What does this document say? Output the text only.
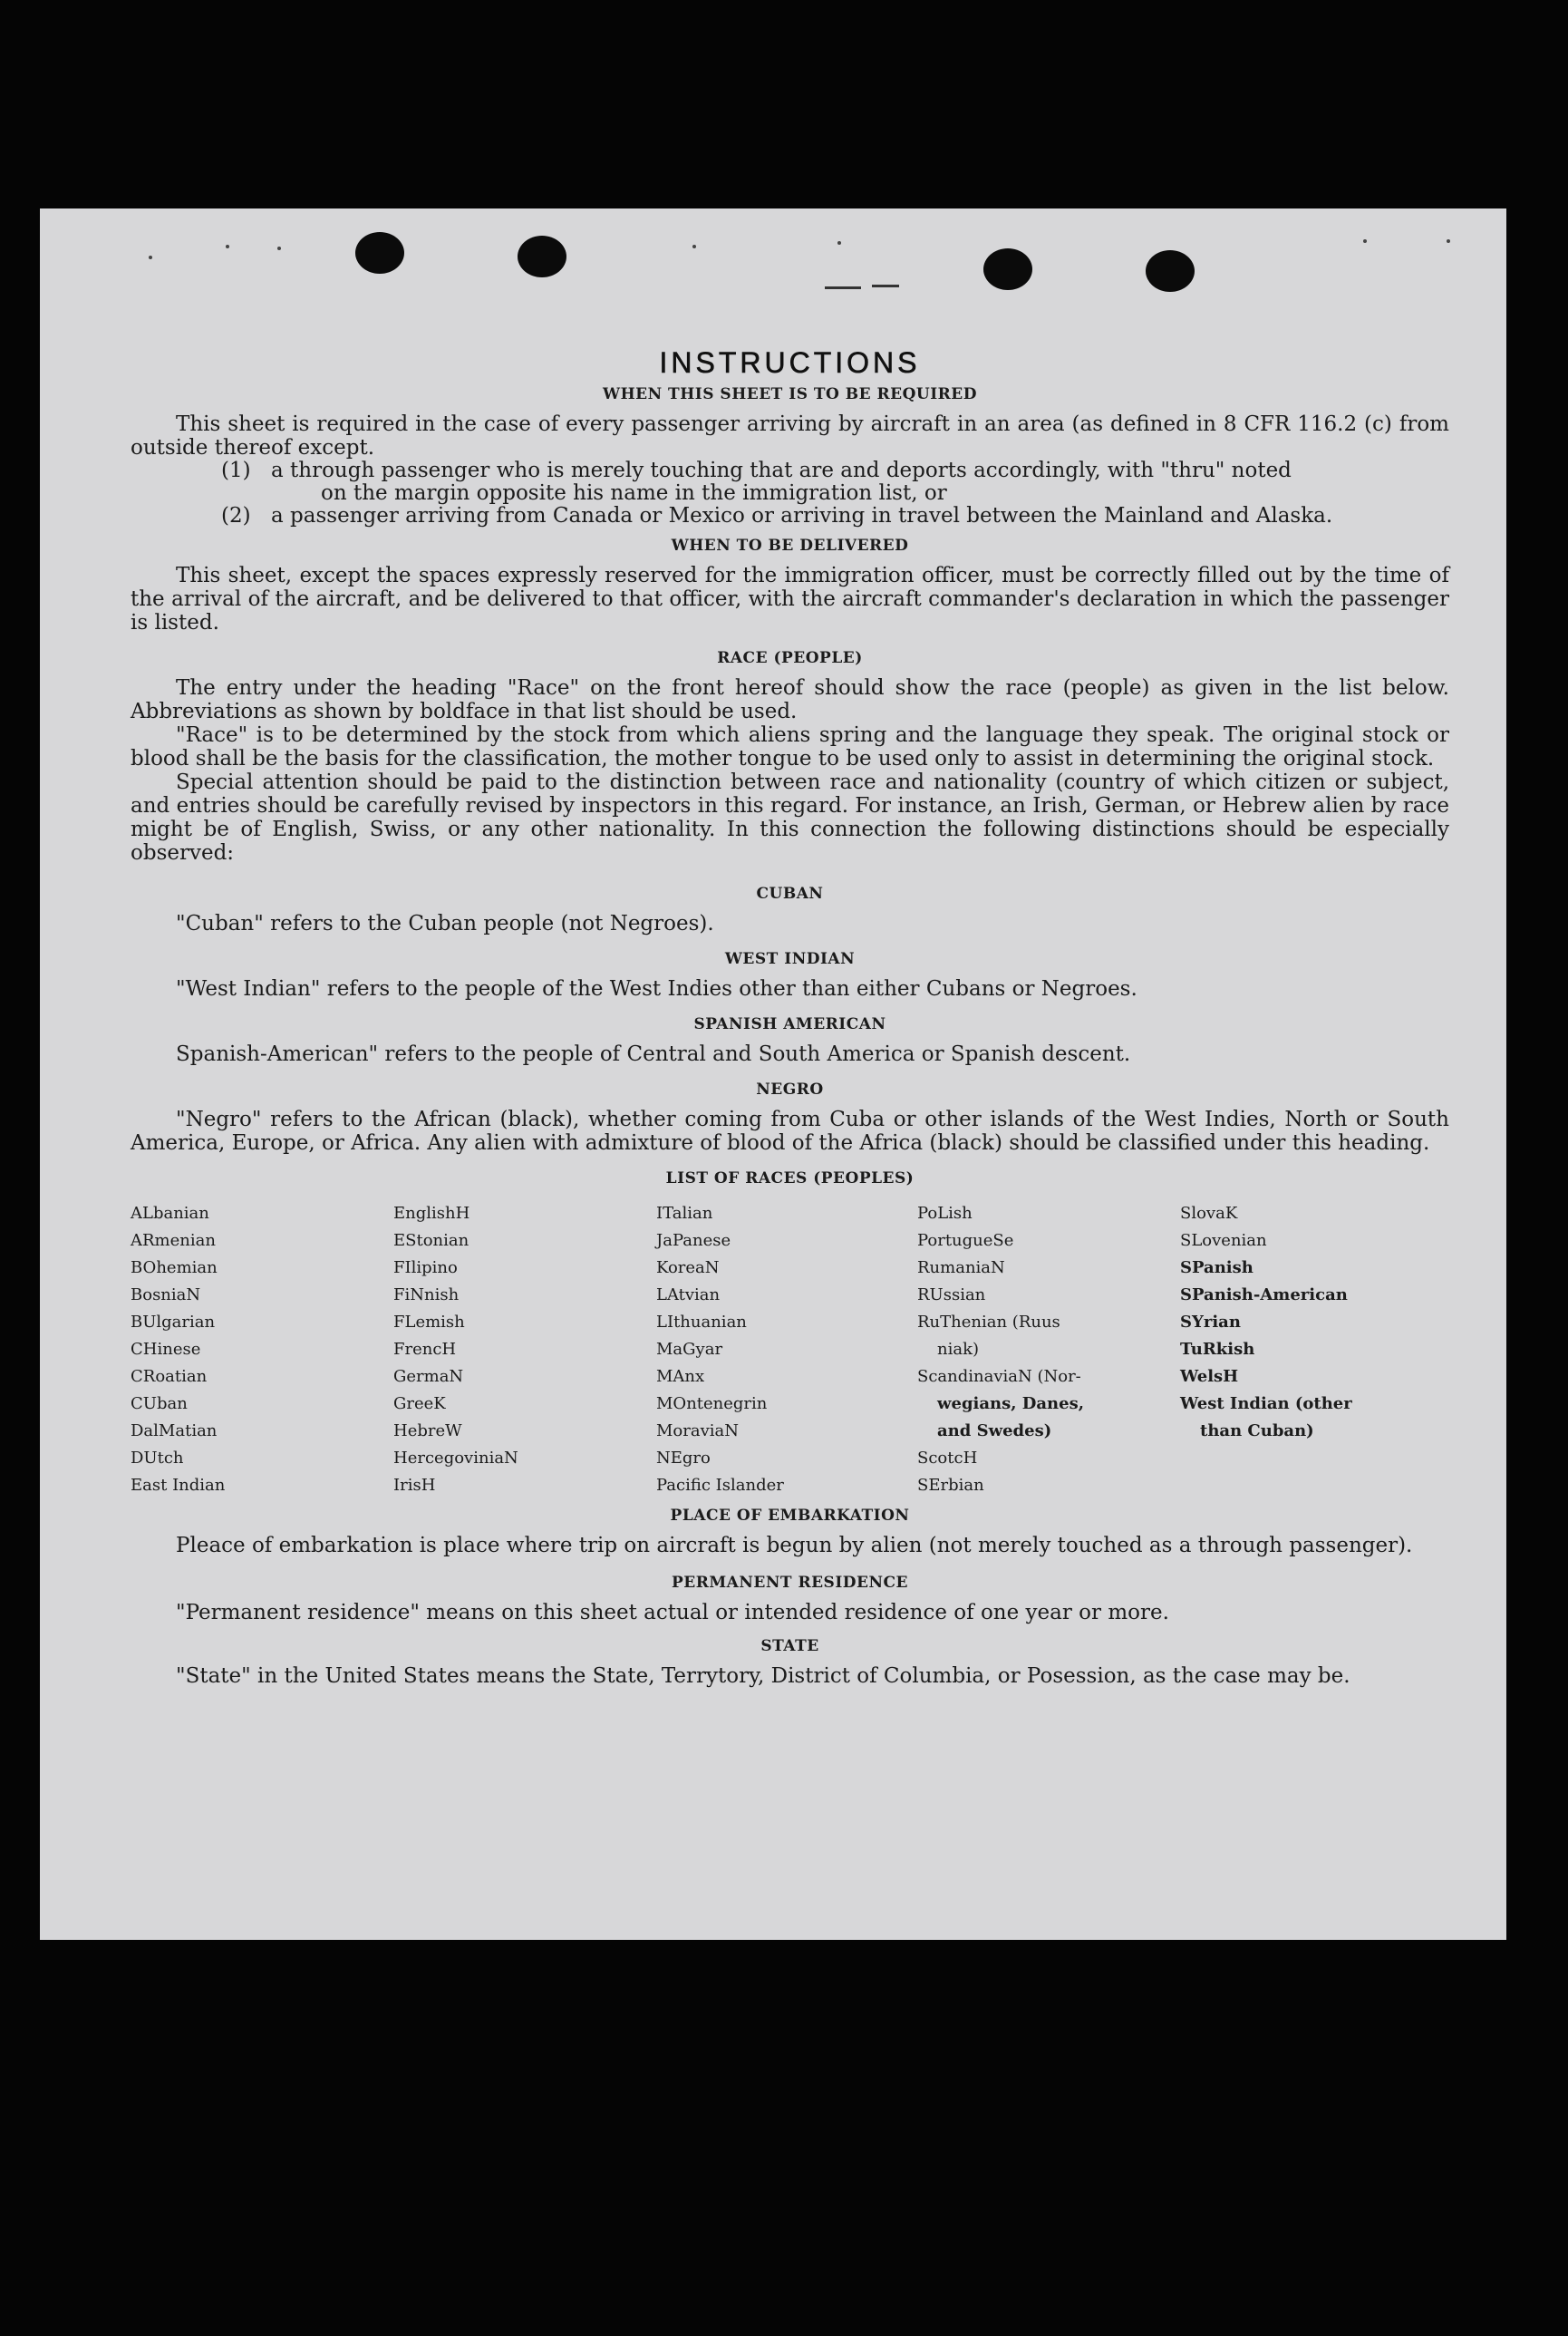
INSTRUCTIONS
WHEN THIS SHEET IS TO BE REQUIRED

This sheet is required in the case of every passenger arriving by aircraft in an area (as defined in 8 CFR 116.2 (c) from outside thereof except.

(1) a through passenger who is merely touching that are and deports accordingly, with "thru" noted
on the margin opposite his name in the immigration list, or
(2) a passenger arriving from Canada or Mexico or arriving in travel between the Mainland and Alaska.
WHEN TO BE DELIVERED

This sheet, except the spaces expressly reserved for the immigration officer, must be correctly filled out by the time of the arrival of the aircraft, and be delivered to that officer, with the aircraft commander's declaration in which the passenger is listed.

RACE (PEOPLE)

The entry under the heading "Race" on the front hereof should show the race (people) as given in the list below. Abbreviations as shown by boldface in that list should be used.

"Race" is to be determined by the stock from which aliens spring and the language they speak. The original stock or blood shall be the basis for the classification, the mother tongue to be used only to assist in determining the original stock.

Special attention should be paid to the distinction between race and nationality (country of which citizen or subject, and entries should be carefully revised by inspectors in this regard. For instance, an Irish, German, or Hebrew alien by race might be of English, Swiss, or any other nationality. In this connection the following distinctions should be especially observed:

CUBAN

"Cuban" refers to the Cuban people (not Negroes).

WEST INDIAN

"West Indian" refers to the people of the West Indies other than either Cubans or Negroes.

SPANISH AMERICAN

Spanish-American" refers to the people of Central and South America or Spanish descent.

NEGRO

"Negro" refers to the African (black), whether coming from Cuba or other islands of the West Indies, North or South America, Europe, or Africa. Any alien with admixture of blood of the Africa (black) should be classified under this heading.

LIST OF RACES (PEOPLES)
ALbanian
ARmenian
BOhemian
BosniaN
BUlgarian
CHinese
CRoatian
CUban
DalMatian
DUtch
East Indian
EnglishH
EStonian
FIlipino
FiNnish
FLemish
FrencH
GermaN
GreeK
HebreW
HercegoviniaN
IrisH
ITalian
JaPanese
KoreaN
LAtvian
LIthuanian
MaGyar
MAnx
MOntenegrin
MoraviaN
NEgro
Pacific Islander
PoLish
PortugueSe
RumaniaN
RUssian
RuThenian (Ruus
niak)
ScandinaviaN (Nor-
wegians, Danes,
and Swedes)
ScotcH
SErbian
SlovaK
SLovenian
SPanish
SPanish-American
SYrian
TuRkish
WelsH
West Indian (other
than Cuban)
PLACE OF EMBARKATION

Pleace of embarkation is place where trip on aircraft is begun by alien (not merely touched as a through passenger).

PERMANENT RESIDENCE

"Permanent residence" means on this sheet actual or intended residence of one year or more.

STATE

"State" in the United States means the State, Terrytory, District of Columbia, or Posession, as the case may be.
